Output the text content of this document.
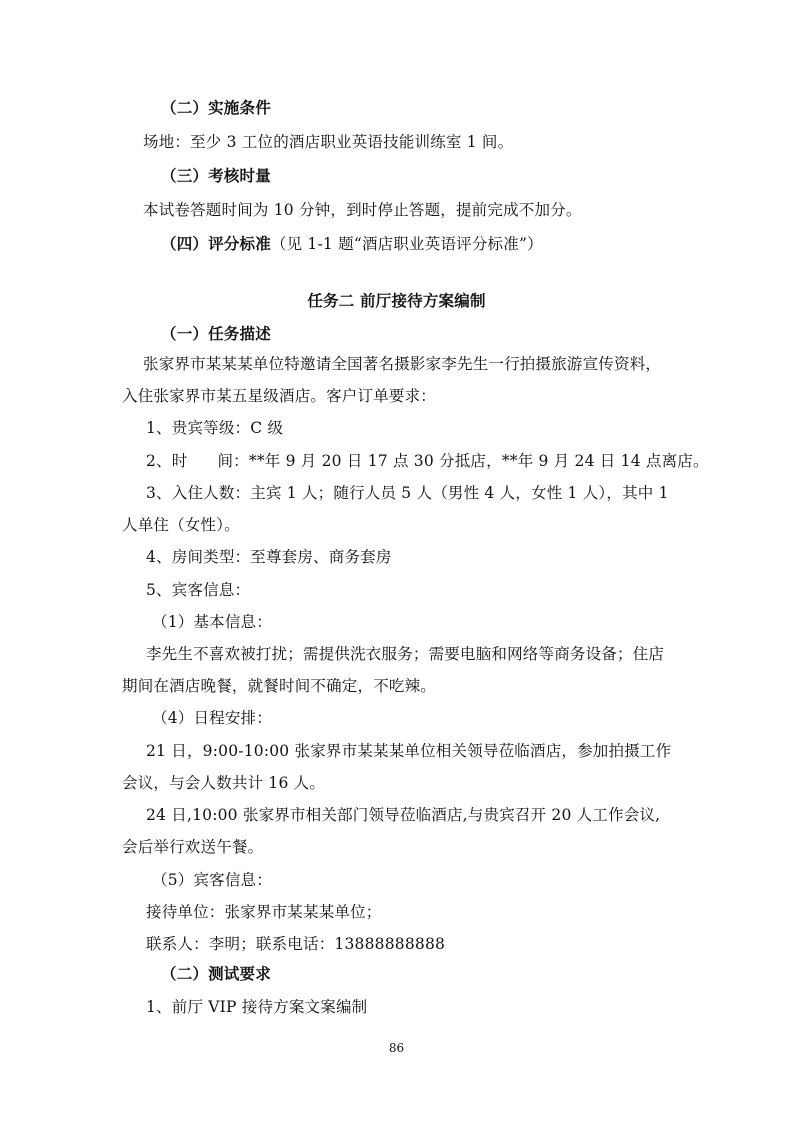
（二）实施条件
场地：至少 3 工位的酒店职业英语技能训练室 1 间。
（三）考核时量
本试卷答题时间为 10 分钟，到时停止答题，提前完成不加分。
（四）评分标准（见 1-1 题“酒店职业英语评分标准”）
任务二 前厅接待方案编制
（一）任务描述
张家界市某某某单位特邀请全国著名摄影家李先生一行拍摄旅游宣传资料，
入住张家界市某五星级酒店。客户订单要求：
1、贵宾等级：C 级
2、时 间：**年 9 月 20 日 17 点 30 分抵店，**年 9 月 24 日 14 点离店。
3、入住人数：主宾 1 人；随行人员 5 人（男性 4 人，女性 1 人），其中 1
人单住（女性）。
4、房间类型：至尊套房、商务套房
5、宾客信息：
（1）基本信息：
李先生不喜欢被打扰；需提供洗衣服务；需要电脑和网络等商务设备；住店
期间在酒店晚餐，就餐时间不确定，不吃辣。
（4）日程安排：
21 日，9:00-10:00 张家界市某某某单位相关领导莅临酒店，参加拍摄工作
会议，与会人数共计 16 人。
24 日,10:00 张家界市相关部门领导莅临酒店,与贵宾召开 20 人工作会议,
会后举行欢送午餐。
（5）宾客信息：
接待单位：张家界市某某某单位；
联系人：李明；联系电话：13888888888
（二）测试要求
1、前厅 VIP 接待方案文案编制
86
